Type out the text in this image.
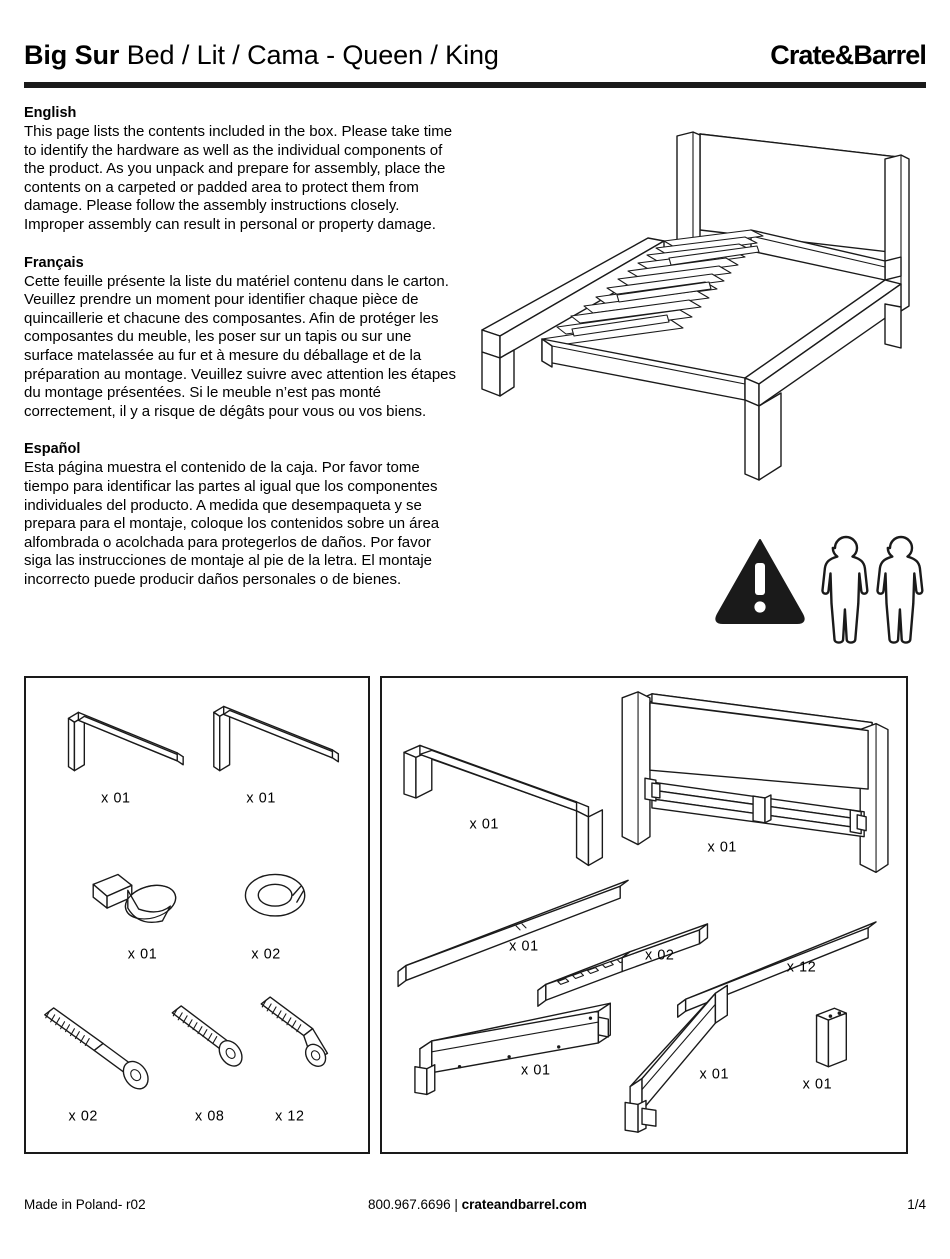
Big Sur Bed / Lit / Cama - Queen / King	Crate&Barrel

English

This page lists the contents included in the box. Please take time to identify the hardware as well as the individual components of the product. As you unpack and prepare for assembly, place the contents on a carpeted or padded area to protect them from damage. Please follow the assembly instructions closely. Improper assembly can result in personal or property damage.

Français

Cette feuille présente la liste du matériel contenu dans le carton. Veuillez prendre un moment pour identifier chaque pièce de quincaillerie et chacune des composantes. Afin de protéger les composantes du meuble, les poser sur un tapis ou sur une surface matelassée au fur et à mesure du déballage et de la préparation au montage. Veuillez suivre avec attention les étapes du montage présentées. Si le meuble n’est pas monté correctement, il y a risque de dégâts pour vous ou vos biens.

Español

Esta página muestra el contenido de la caja. Por favor tome tiempo para identificar las partes al igual que los componentes individuales del producto. A medida que desempaqueta y se prepara para el montaje, coloque los contenidos sobre un área alfombrada o acolchada para protegerlos de daños. Por favor siga las instrucciones de montaje al pie de la letra. El montaje incorrecto puede producir daños personales o de bienes.

x 01	x 01
x 01	x 02
x 02	x 08	x 12
x 01
x 01
x 01
x 02
x 12
x 01	x 01
x 01
Made in Poland- r02	800.967.6696 | crateandbarrel.com	1/4
